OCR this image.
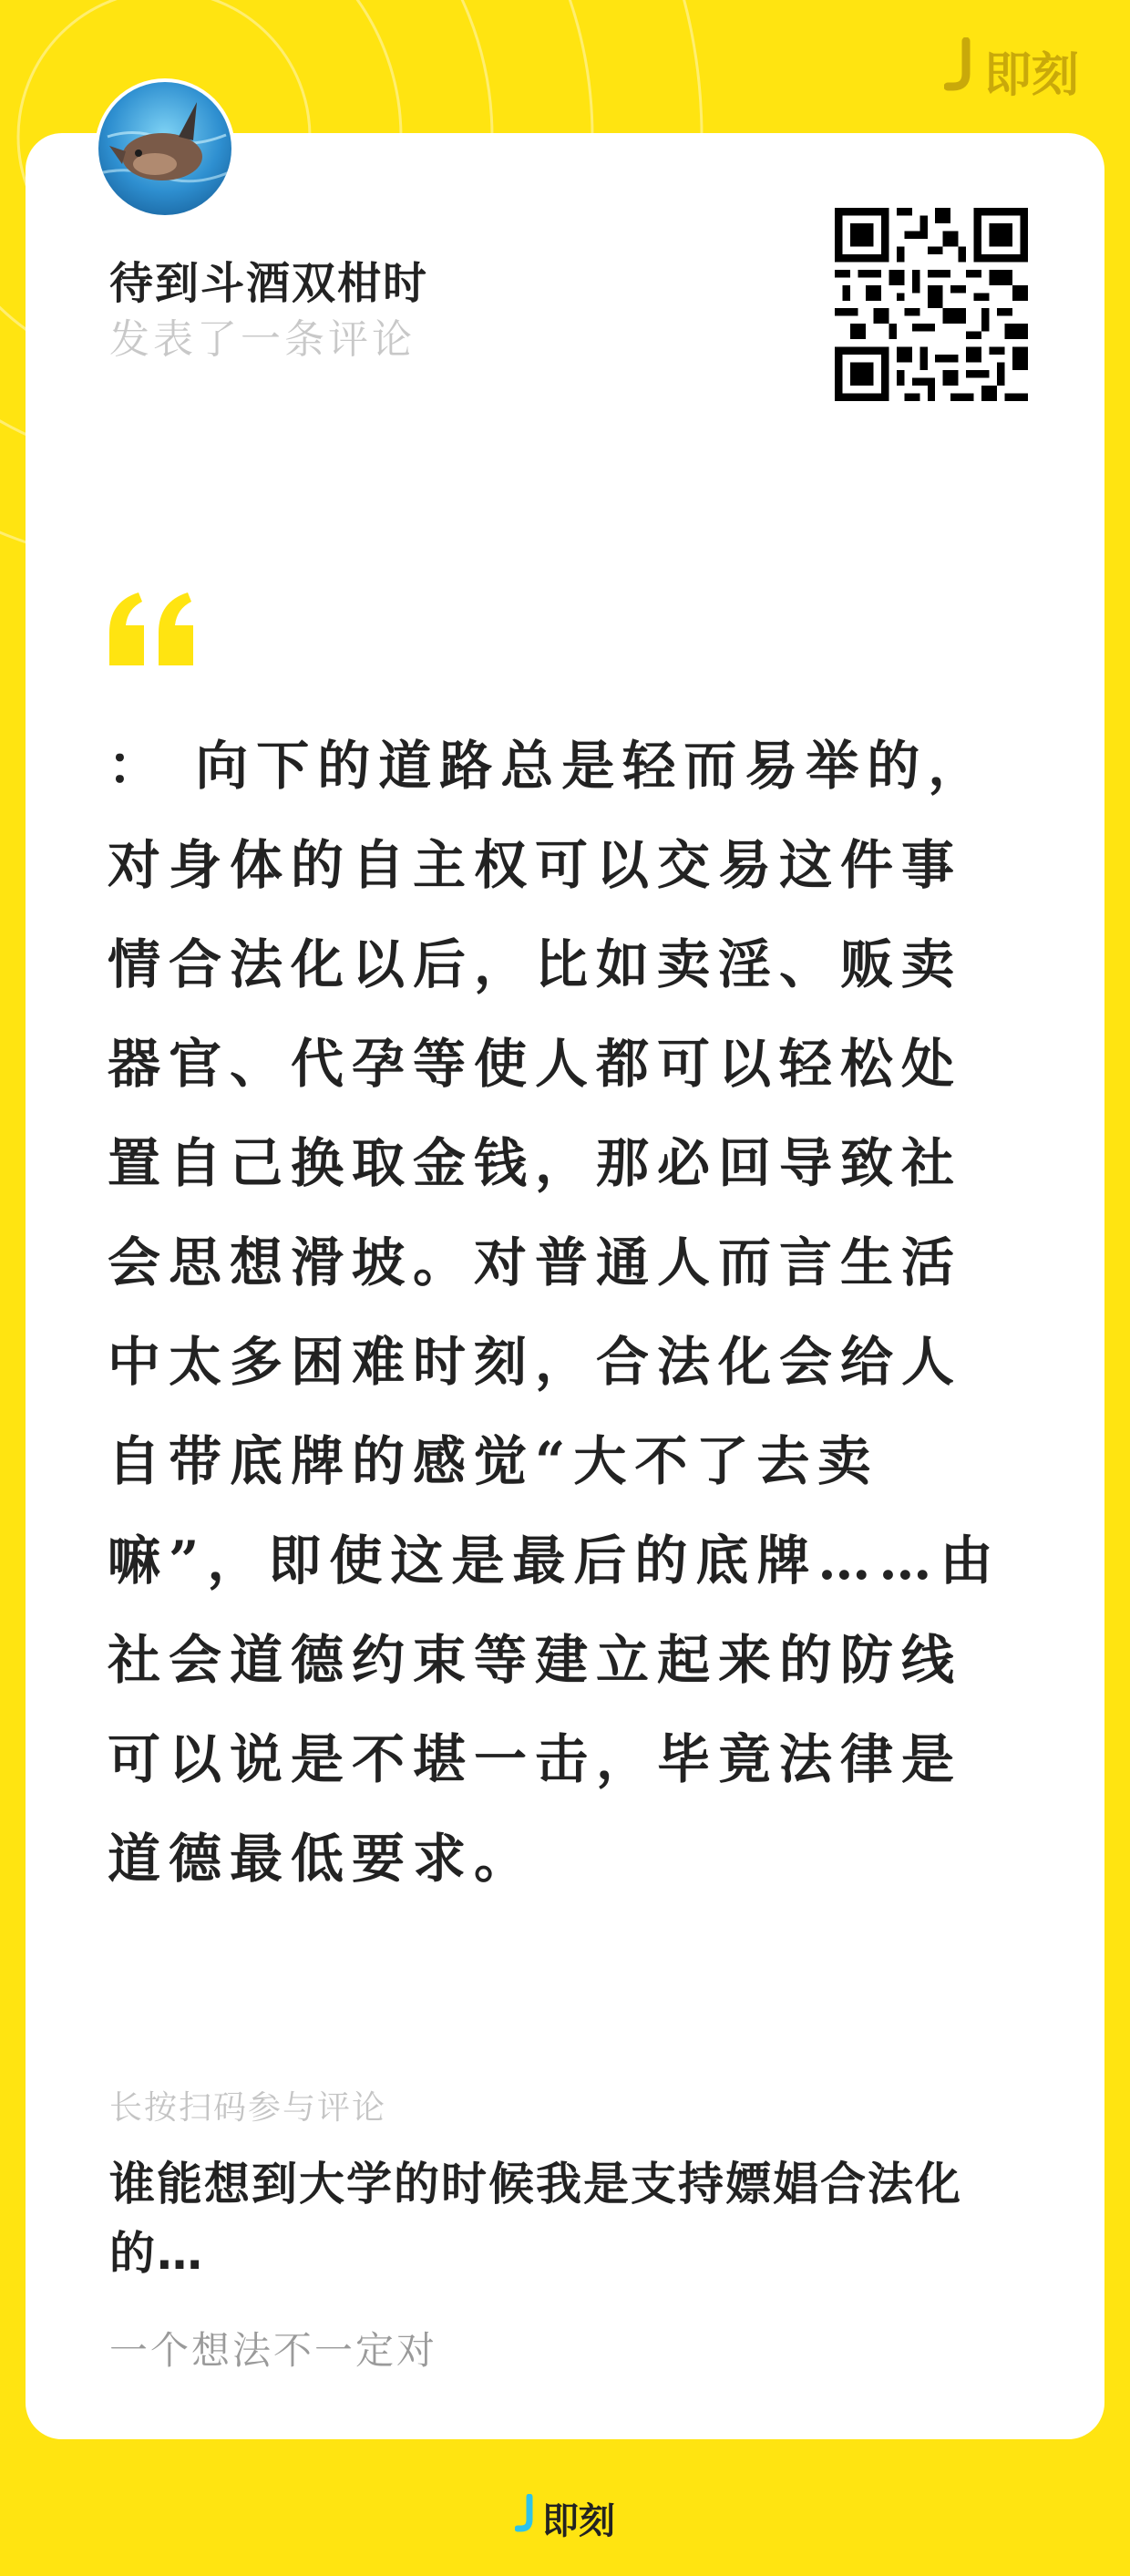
即刻
待到斗酒双柑时
发表了一条评论

： 向下的道路总是轻而易举的，对身体的自主权可以交易这件事情合法化以后，比如卖淫、贩卖器官、代孕等使人都可以轻松处置自己换取金钱，那必回导致社会思想滑坡。对普通人而言生活中太多困难时刻，合法化会给人自带底牌的感觉“大不了去卖嘛”，即使这是最后的底牌……由社会道德约束等建立起来的防线可以说是不堪一击，毕竟法律是道德最低要求。

长按扫码参与评论
谁能想到大学的时候我是支持嫖娼合法化的…
一个想法不一定对
即刻
